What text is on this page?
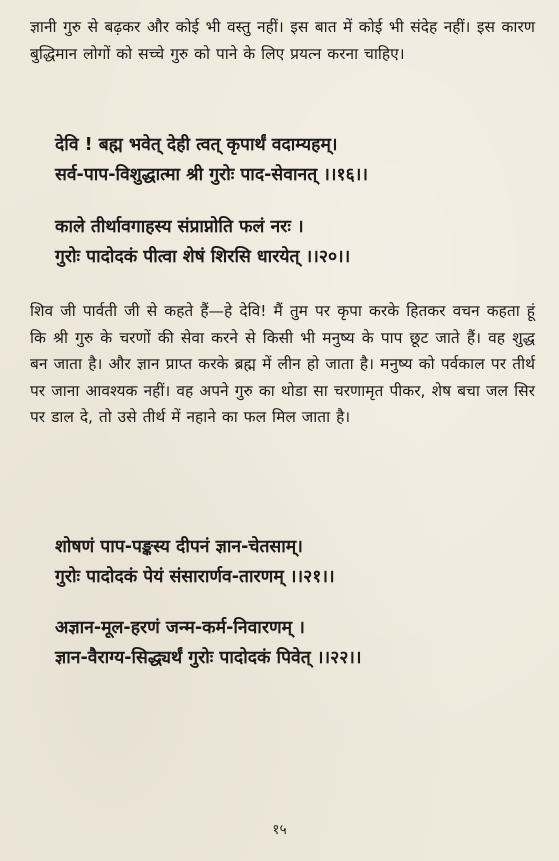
ज्ञानी गुरु से बढ़कर और कोई भी वस्तु नहीं। इस बात में कोई भी संदेह नहीं। इस कारण बुद्धिमान लोगों को सच्चे गुरु को पाने के लिए प्रयत्न करना चाहिए।

देवि ! बह्म भवेत् देही त्वत् कृपार्थं वदाम्यहम्।
सर्व-पाप-विशुद्धात्मा श्री गुरोः पाद-सेवानत् ।।१६।।
काले तीर्थावगाहस्य संप्राप्नोति फलं नरः ।
गुरोः पादोदकं पीत्वा शेषं शिरसि धारयेत् ।।२०।।

शिव जी पार्वती जी से कहते हैं—हे देवि! मैं तुम पर कृपा करके हितकर वचन कहता हूं कि श्री गुरु के चरणों की सेवा करने से किसी भी मनुष्य के पाप छूट जाते हैं। वह शुद्ध बन जाता है। और ज्ञान प्राप्त करके ब्रह्म में लीन हो जाता है। मनुष्य को पर्वकाल पर तीर्थ पर जाना आवश्यक नहीं। वह अपने गुरु का थोडा सा चरणामृत पीकर, शेष बचा जल सिर पर डाल दे, तो उसे तीर्थ में नहाने का फल मिल जाता है।

शोषणं पाप-पङ्कस्य दीपनं ज्ञान-चेतसाम्।
गुरोः पादोदकं पेयं संसारार्णव-तारणम् ।।२१।।
अज्ञान-मूल-हरणं जन्म-कर्म-निवारणम् ।
ज्ञान-वैराग्य-सिद्ध्यर्थं गुरोः पादोदकं पिवेत् ।।२२।।
१५
